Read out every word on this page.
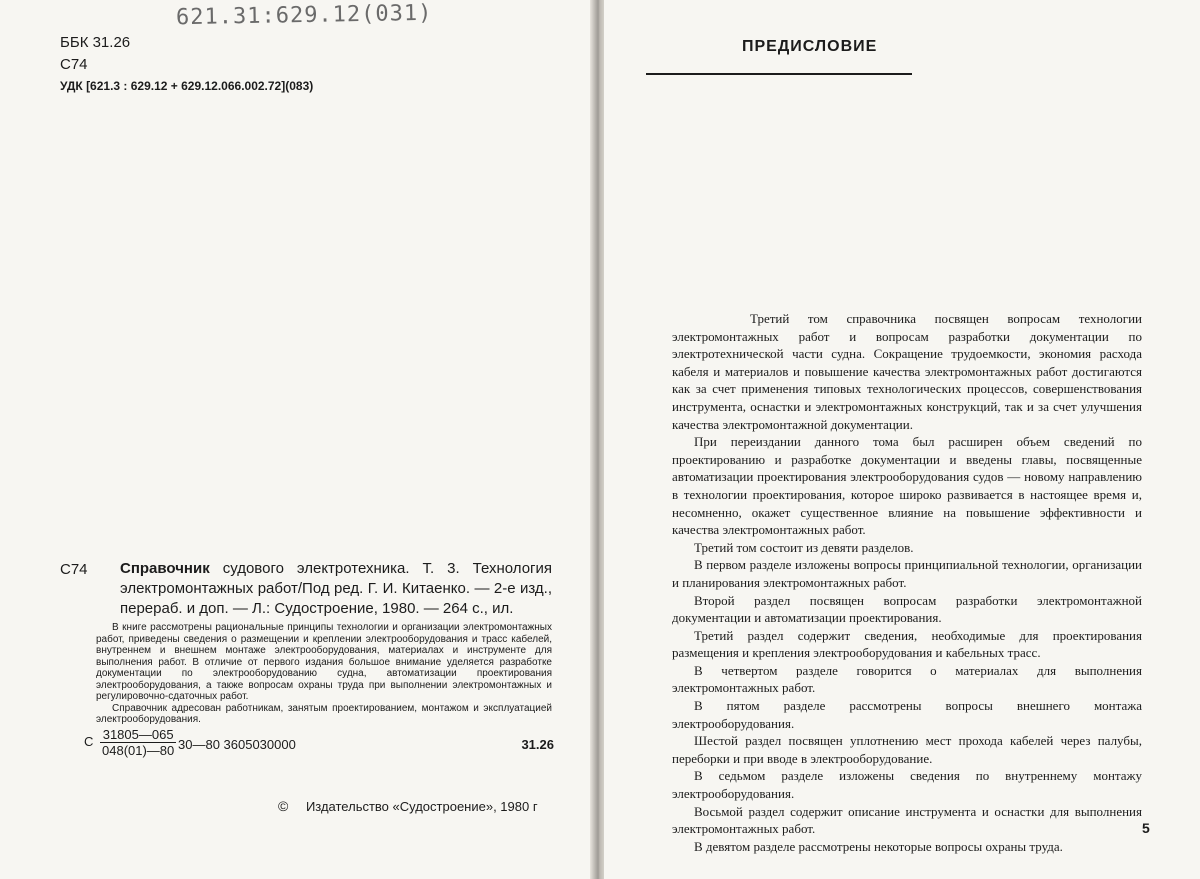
621.31:629.12(031)
ББК 31.26
С74
УДК [621.3 : 629.12 + 629.12.066.002.72](083)
С74 Справочник судового электротехника. Т. 3. Технология электромонтажных работ/Под ред. Г. И. Китаенко. — 2-е изд., перераб. и доп. — Л.: Судостроение, 1980. — 264 с., ил.

В книге рассмотрены рациональные принципы технологии и организации электромонтажных работ, приведены сведения о размещении и креплении электрооборудования и трасс кабелей, внутреннем и внешнем монтаже электрооборудования, материалах и инструменте для выполнения работ. В отличие от первого издания большое внимание уделяется разработке документации по электрооборудованию судна, автоматизации проектирования электрооборудования, а также вопросам охраны труда при выполнении электромонтажных и регулировочно-сдаточных работ.

Справочник адресован работникам, занятым проектированием, монтажом и эксплуатацией электрооборудования.

С $\frac{31805—065}{048(01)—80}$ 30—80 3605030000	31.26
© Издательство «Судостроение», 1980 г
ПРЕДИСЛОВИЕ

Третий том справочника посвящен вопросам технологии электромонтажных работ и вопросам разработки документации по электротехнической части судна. Сокращение трудоемкости, экономия расхода кабеля и материалов и повышение качества электромонтажных работ достигаются как за счет применения типовых технологических процессов, совершенствования инструмента, оснастки и электромонтажных конструкций, так и за счет улучшения качества электромонтажной документации.

При переиздании данного тома был расширен объем сведений по проектированию и разработке документации и введены главы, посвященные автоматизации проектирования электрооборудования судов — новому направлению в технологии проектирования, которое широко развивается в настоящее время и, несомненно, окажет существенное влияние на повышение эффективности и качества электромонтажных работ.

Третий том состоит из девяти разделов.

В первом разделе изложены вопросы принципиальной технологии, организации и планирования электромонтажных работ.

Второй раздел посвящен вопросам разработки электромонтажной документации и автоматизации проектирования.

Третий раздел содержит сведения, необходимые для проектирования размещения и крепления электрооборудования и кабельных трасс.

В четвертом разделе говорится о материалах для выполнения электромонтажных работ.

В пятом разделе рассмотрены вопросы внешнего монтажа электрооборудования.

Шестой раздел посвящен уплотнению мест прохода кабелей через палубы, переборки и при вводе в электрооборудование.

В седьмом разделе изложены сведения по внутреннему монтажу электрооборудования.

Восьмой раздел содержит описание инструмента и оснастки для выполнения электромонтажных работ.

В девятом разделе рассмотрены некоторые вопросы охраны труда.

5
